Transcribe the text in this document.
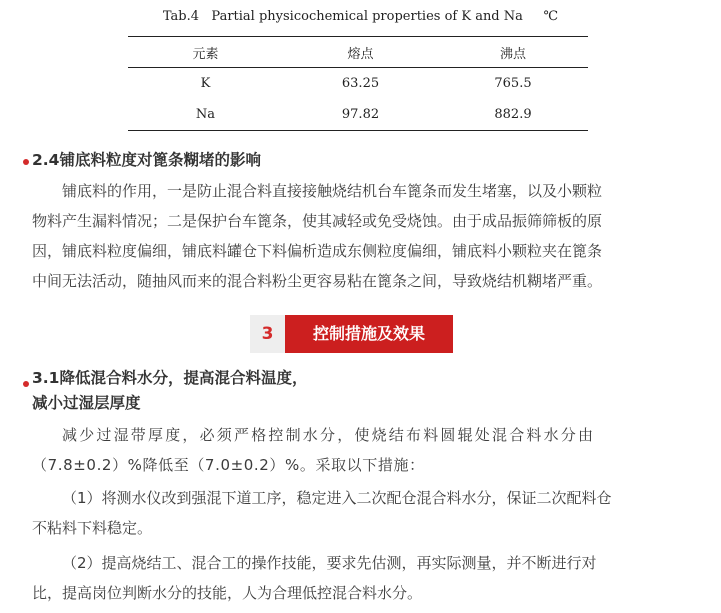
Tab.4   Partial physicochemical properties of K and Na     ℃
元素	熔点	沸点
K	63.25	765.5
Na	97.82	882.9
2.4铺底料粒度对篦条糊堵的影响
铺底料的作用，一是防止混合料直接接触烧结机台车篦条而发生堵塞，以及小颗粒
物料产生漏料情况；二是保护台车篦条，使其减轻或免受烧蚀。由于成品振筛筛板的原
因，铺底料粒度偏细，铺底料罐仓下料偏析造成东侧粒度偏细，铺底料小颗粒夹在篦条
中间无法活动，随抽风而来的混合料粉尘更容易粘在篦条之间，导致烧结机糊堵严重。
3	控制措施及效果
3.1降低混合料水分，提高混合料温度，
减小过湿层厚度
减少过湿带厚度，必须严格控制水分，使烧结布料圆辊处混合料水分由
（7.8±0.2）%降低至（7.0±0.2）%。采取以下措施：
（1）将测水仪改到强混下道工序，稳定进入二次配仓混合料水分，保证二次配料仓
不粘料下料稳定。
（2）提高烧结工、混合工的操作技能，要求先估测，再实际测量，并不断进行对
比，提高岗位判断水分的技能，人为合理低控混合料水分。
